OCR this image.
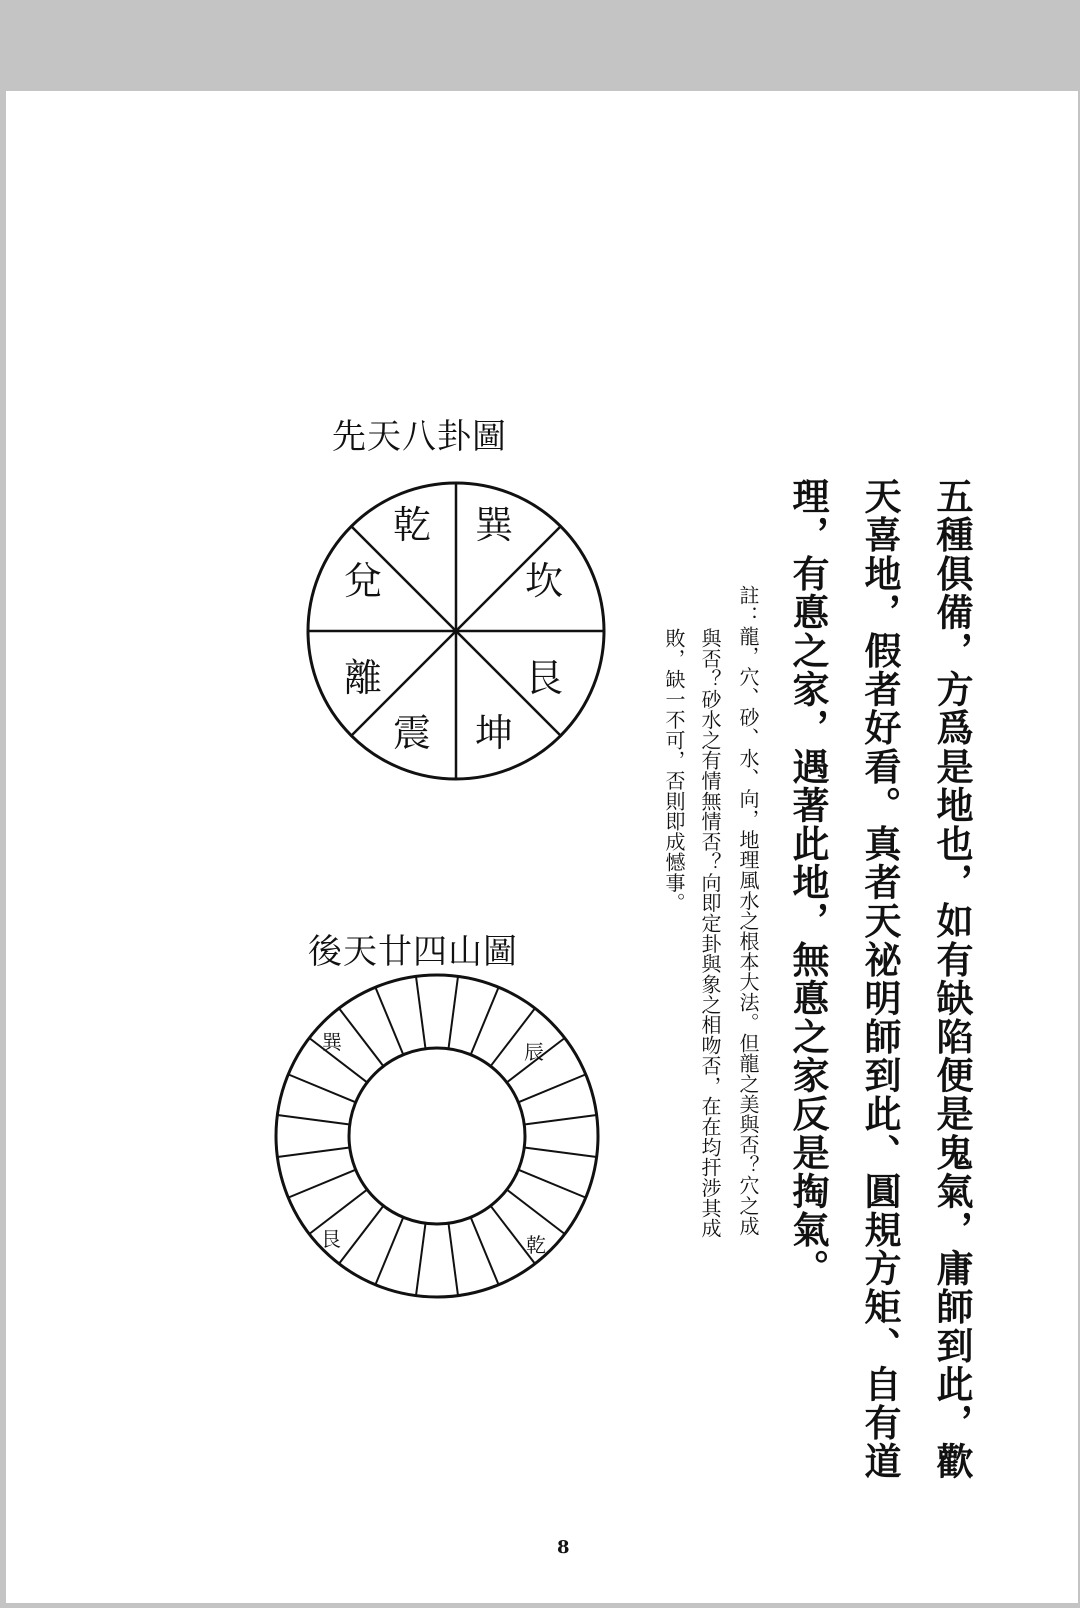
五種俱備，方爲是地也，如有缺陷便是鬼氣，庸師到此，歡
天喜地，假者好看。真者天祕明師到此、圓規方矩、自有道
理，有悳之家，遇著此地，無悳之家反是掏氣。
註：龍，穴、砂、水、向，地理風水之根本大法。但龍之美與否？穴之成
與否？砂水之有情無情否？向即定卦與象之相吻否，在在均扞涉其成
敗，缺一不可，否則即成憾事。
先天八卦圖
巽
坎
艮
坤
震
離
兌
乾
後天廿四山圖
巽	辰
艮	乾
8
